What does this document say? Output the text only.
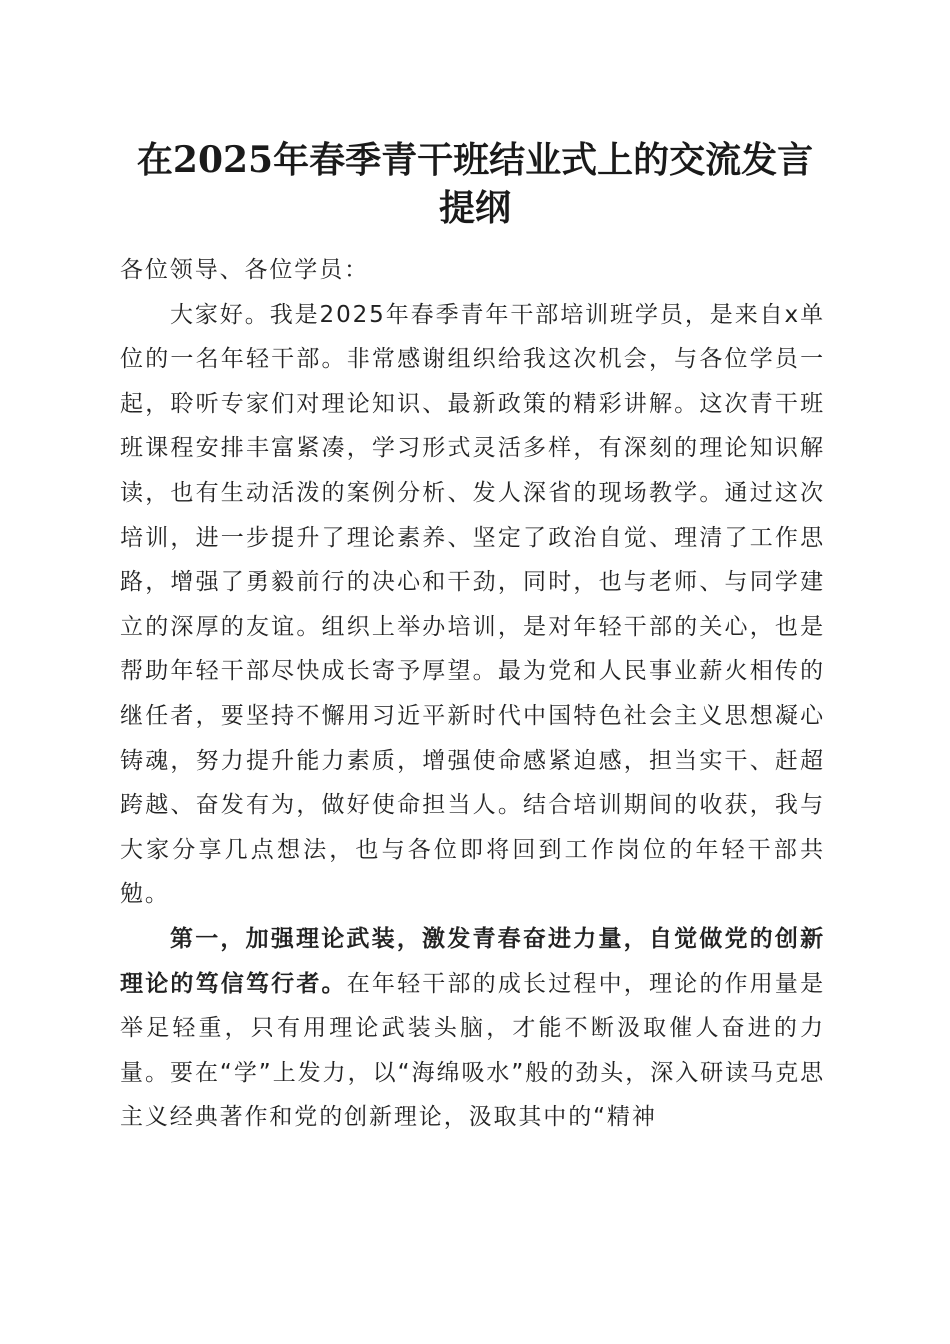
在2025年春季青干班结业式上的交流发言提纲

各位领导、各位学员：

大家好。我是2025年春季青年干部培训班学员，是来自x单位的一名年轻干部。非常感谢组织给我这次机会，与各位学员一起，聆听专家们对理论知识、最新政策的精彩讲解。这次青干班班课程安排丰富紧凑，学习形式灵活多样，有深刻的理论知识解读，也有生动活泼的案例分析、发人深省的现场教学。通过这次培训，进一步提升了理论素养、坚定了政治自觉、理清了工作思路，增强了勇毅前行的决心和干劲，同时，也与老师、与同学建立的深厚的友谊。组织上举办培训，是对年轻干部的关心，也是帮助年轻干部尽快成长寄予厚望。最为党和人民事业薪火相传的继任者，要坚持不懈用习近平新时代中国特色社会主义思想凝心铸魂，努力提升能力素质，增强使命感紧迫感，担当实干、赶超跨越、奋发有为，做好使命担当人。结合培训期间的收获，我与大家分享几点想法，也与各位即将回到工作岗位的年轻干部共勉。

第一，加强理论武装，激发青春奋进力量，自觉做党的创新理论的笃信笃行者。在年轻干部的成长过程中，理论的作用量是举足轻重，只有用理论武装头脑，才能不断汲取催人奋进的力量。要在“学”上发力，以“海绵吸水”般的劲头，深入研读马克思主义经典著作和党的创新理论，汲取其中的“精神
